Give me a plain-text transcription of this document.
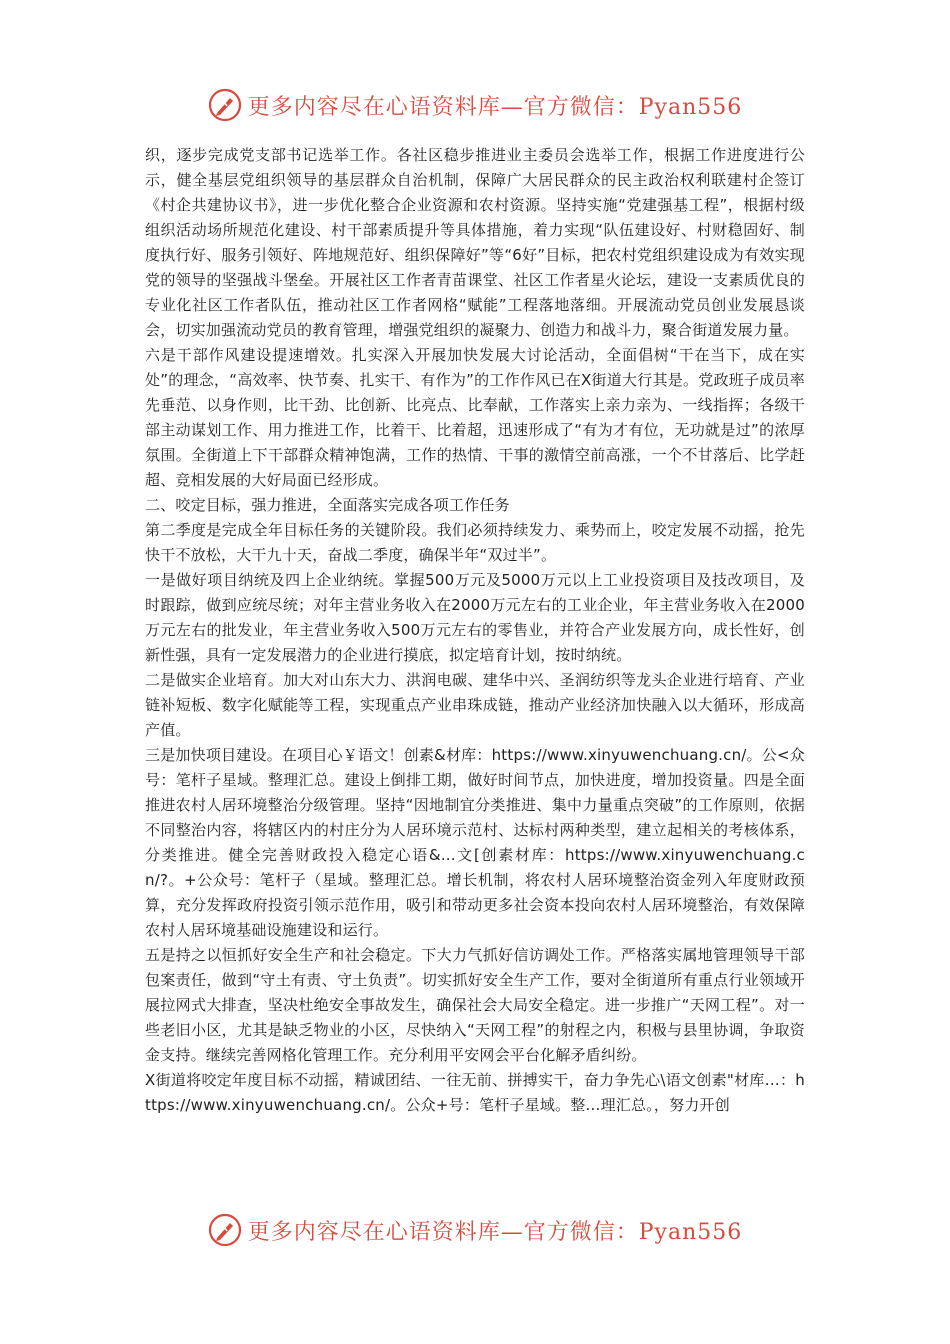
更多内容尽在心语资料库—官方微信：Pyan556

织，逐步完成党支部书记选举工作。各社区稳步推进业主委员会选举工作，根据工作进度进行公示，健全基层党组织领导的基层群众自治机制，保障广大居民群众的民主政治权利联建村企签订《村企共建协议书》，进一步优化整合企业资源和农村资源。坚持实施“党建强基工程”，根据村级组织活动场所规范化建设、村干部素质提升等具体措施，着力实现“队伍建设好、村财稳固好、制度执行好、服务引领好、阵地规范好、组织保障好”等“6好”目标，把农村党组织建设成为有效实现党的领导的坚强战斗堡垒。开展社区工作者青苗课堂、社区工作者星火论坛，建设一支素质优良的专业化社区工作者队伍，推动社区工作者网格“赋能”工程落地落细。开展流动党员创业发展恳谈会，切实加强流动党员的教育管理，增强党组织的凝聚力、创造力和战斗力，聚合街道发展力量。

六是干部作风建设提速增效。扎实深入开展加快发展大讨论活动，全面倡树“干在当下，成在实处”的理念，“高效率、快节奏、扎实干、有作为”的工作作风已在X街道大行其是。党政班子成员率先垂范、以身作则，比干劲、比创新、比亮点、比奉献，工作落实上亲力亲为、一线指挥；各级干部主动谋划工作、用力推进工作，比着干、比着超，迅速形成了“有为才有位，无功就是过”的浓厚氛围。全街道上下干部群众精神饱满，工作的热情、干事的激情空前高涨，一个不甘落后、比学赶超、竞相发展的大好局面已经形成。

二、咬定目标，强力推进，全面落实完成各项工作任务

第二季度是完成全年目标任务的关键阶段。我们必须持续发力、乘势而上，咬定发展不动摇，抢先快干不放松，大干九十天，奋战二季度，确保半年“双过半”。

一是做好项目纳统及四上企业纳统。掌握500万元及5000万元以上工业投资项目及技改项目，及时跟踪，做到应统尽统；对年主营业务收入在2000万元左右的工业企业，年主营业务收入在2000万元左右的批发业，年主营业务收入500万元左右的零售业，并符合产业发展方向，成长性好，创新性强，具有一定发展潜力的企业进行摸底，拟定培育计划，按时纳统。

二是做实企业培育。加大对山东大力、洪润电碳、建华中兴、圣润纺织等龙头企业进行培育、产业链补短板、数字化赋能等工程，实现重点产业串珠成链，推动产业经济加快融入以大循环，形成高产值。

三是加快项目建设。在项目心￥语文！创素&材库：https://www.xinyuwenchuang.cn/。公<众号：笔杆子星域。整理汇总。建设上倒排工期，做好时间节点，加快进度，增加投资量。四是全面推进农村人居环境整治分级管理。坚持“因地制宜分类推进、集中力量重点突破”的工作原则，依据不同整治内容，将辖区内的村庄分为人居环境示范村、达标村两种类型，建立起相关的考核体系，分类推进。健全完善财政投入稳定心语&...文[创素材库：https://www.xinyuwenchuang.cn/?。+公众号：笔杆子（星域。整理汇总。增长机制，将农村人居环境整治资金列入年度财政预算，充分发挥政府投资引领示范作用，吸引和带动更多社会资本投向农村人居环境整治，有效保障农村人居环境基础设施建设和运行。

五是持之以恒抓好安全生产和社会稳定。下大力气抓好信访调处工作。严格落实属地管理领导干部包案责任，做到“守土有责、守土负责”。切实抓好安全生产工作，要对全街道所有重点行业领域开展拉网式大排查，坚决杜绝安全事故发生，确保社会大局安全稳定。进一步推广“天网工程”。对一些老旧小区，尤其是缺乏物业的小区，尽快纳入“天网工程”的射程之内，积极与县里协调，争取资金支持。继续完善网格化管理工作。充分利用平安网会平台化解矛盾纠纷。

X街道将咬定年度目标不动摇，精诚团结、一往无前、拼搏实干，奋力争先心\语文创素"材库…：https://www.xinyuwenchuang.cn/。公众+号：笔杆子星域。整…理汇总。，努力开创

更多内容尽在心语资料库—官方微信：Pyan556
